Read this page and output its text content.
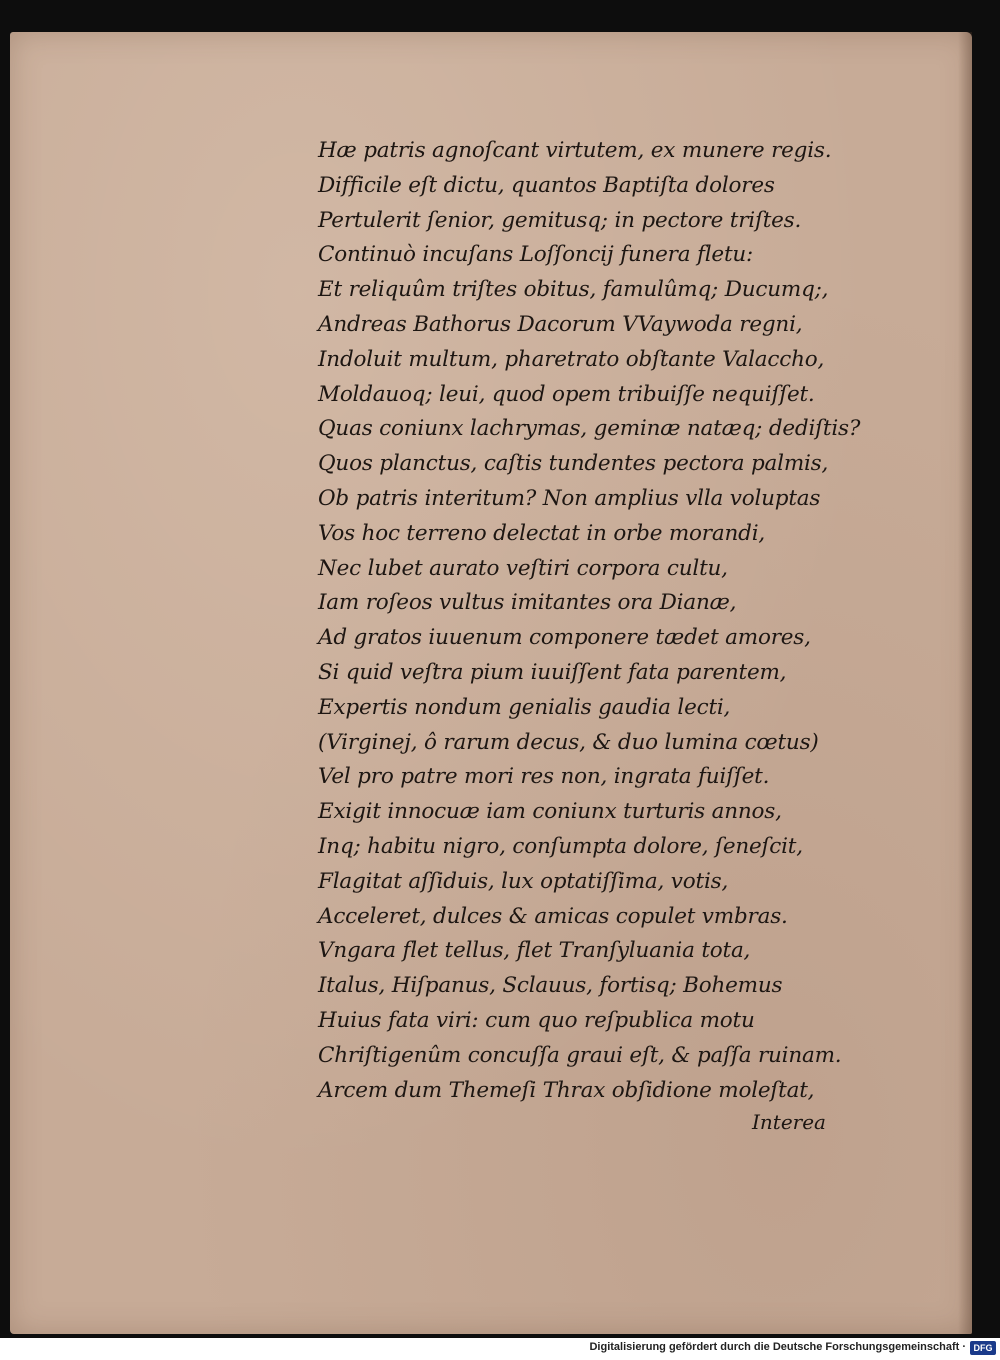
Hæ patris agnoſcant virtutem, ex munere regis.
Difficile eſt dictu, quantos Baptiſta dolores
Pertulerit ſenior, gemitusq; in pectore triſtes.
Continuò incuſans Loſſoncij funera fletu:
Et reliquûm triſtes obitus, famulûmq; Ducumq;,
Andreas Bathorus Dacorum VVaywoda regni,
Indoluit multum, pharetrato obſtante Valaccho,
Moldauoq; leui, quod opem tribuiſſe nequiſſet.
Quas coniunx lachrymas, geminæ natæq; dediſtis?
Quos planctus, caſtis tundentes pectora palmis,
Ob patris interitum? Non amplius vlla voluptas
Vos hoc terreno delectat in orbe morandi,
Nec lubet aurato veſtiri corpora cultu,
Iam roſeos vultus imitantes ora Dianæ,
Ad gratos iuuenum componere tædet amores,
Si quid veſtra pium iuuiſſent fata parentem,
Expertis nondum genialis gaudia lecti,
(Virginej, ô rarum decus, & duo lumina cœtus)
Vel pro patre mori res non, ingrata fuiſſet.
Exigit innocuæ iam coniunx turturis annos,
Inq; habitu nigro, conſumpta dolore, ſeneſcit,
Flagitat aſſiduis, lux optatiſſima, votis,
Acceleret, dulces & amicas copulet vmbras.
Vngara flet tellus, flet Tranſyluania tota,
Italus, Hiſpanus, Sclauus, fortisq; Bohemus
Huius fata viri: cum quo reſpublica motu
Chriſtigenûm concuſſa graui eſt, & paſſa ruinam.
Arcem dum Themeſi Thrax obſidione moleſtat,
Interea
Digitalisierung gefördert durch die Deutsche Forschungsgemeinschaft · DFG
